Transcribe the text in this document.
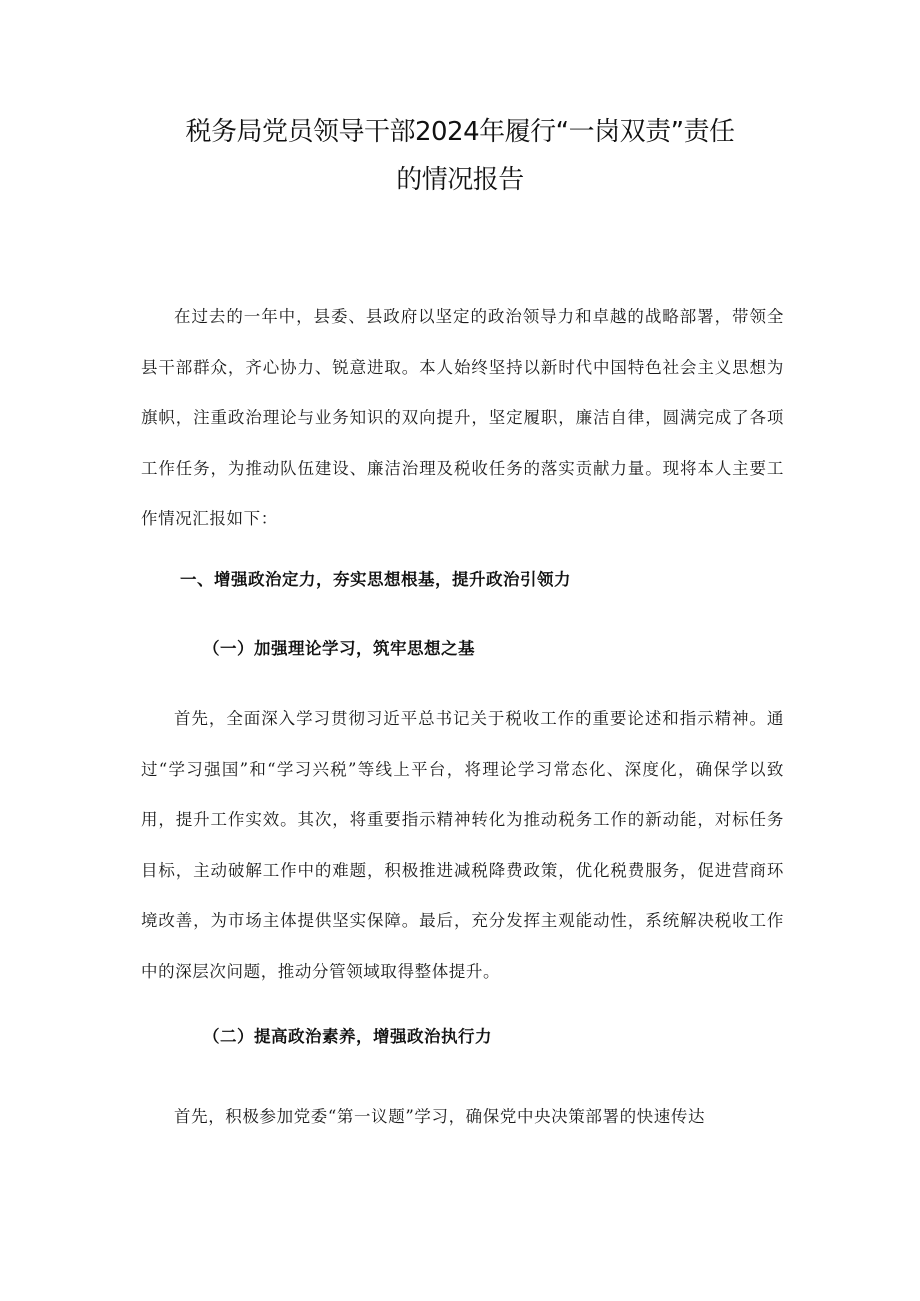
税务局党员领导干部2024年履行“一岗双责”责任
的情况报告

在过去的一年中，县委、县政府以坚定的政治领导力和卓越的战略部署，带领全县干部群众，齐心协力、锐意进取。本人始终坚持以新时代中国特色社会主义思想为旗帜，注重政治理论与业务知识的双向提升，坚定履职，廉洁自律，圆满完成了各项工作任务，为推动队伍建设、廉洁治理及税收任务的落实贡献力量。现将本人主要工作情况汇报如下：

一、增强政治定力，夯实思想根基，提升政治引领力
（一）加强理论学习，筑牢思想之基

首先，全面深入学习贯彻习近平总书记关于税收工作的重要论述和指示精神。通过“学习强国”和“学习兴税”等线上平台，将理论学习常态化、深度化，确保学以致用，提升工作实效。其次，将重要指示精神转化为推动税务工作的新动能，对标任务目标，主动破解工作中的难题，积极推进减税降费政策，优化税费服务，促进营商环境改善，为市场主体提供坚实保障。最后，充分发挥主观能动性，系统解决税收工作中的深层次问题，推动分管领域取得整体提升。

（二）提高政治素养，增强政治执行力

首先，积极参加党委“第一议题”学习，确保党中央决策部署的快速传达
